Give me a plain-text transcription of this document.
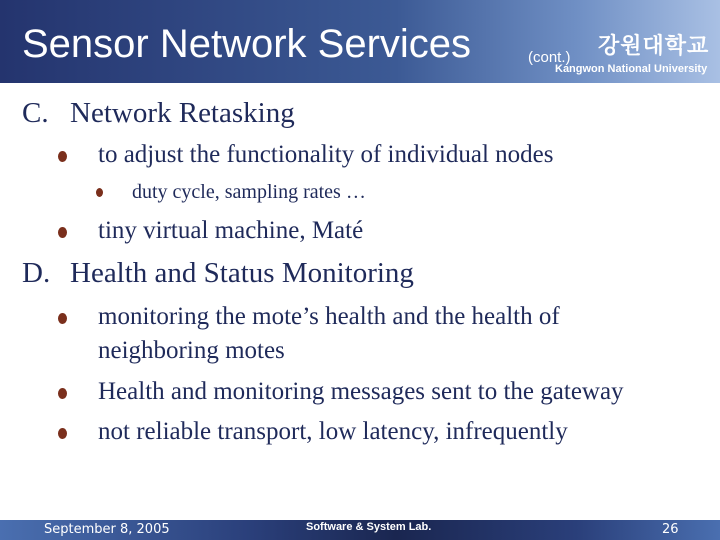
Sensor Network Services	(cont.) 강원대학교
Kangwon National University
C. Network Retasking
to adjust the functionality of individual nodes
duty cycle, sampling rates …
tiny virtual machine, Maté
D. Health and Status Monitoring
monitoring the mote’s health and the health of neighboring motes
Health and monitoring messages sent to the gateway
not reliable transport, low latency, infrequently
September 8, 2005	Software & System Lab.	26
